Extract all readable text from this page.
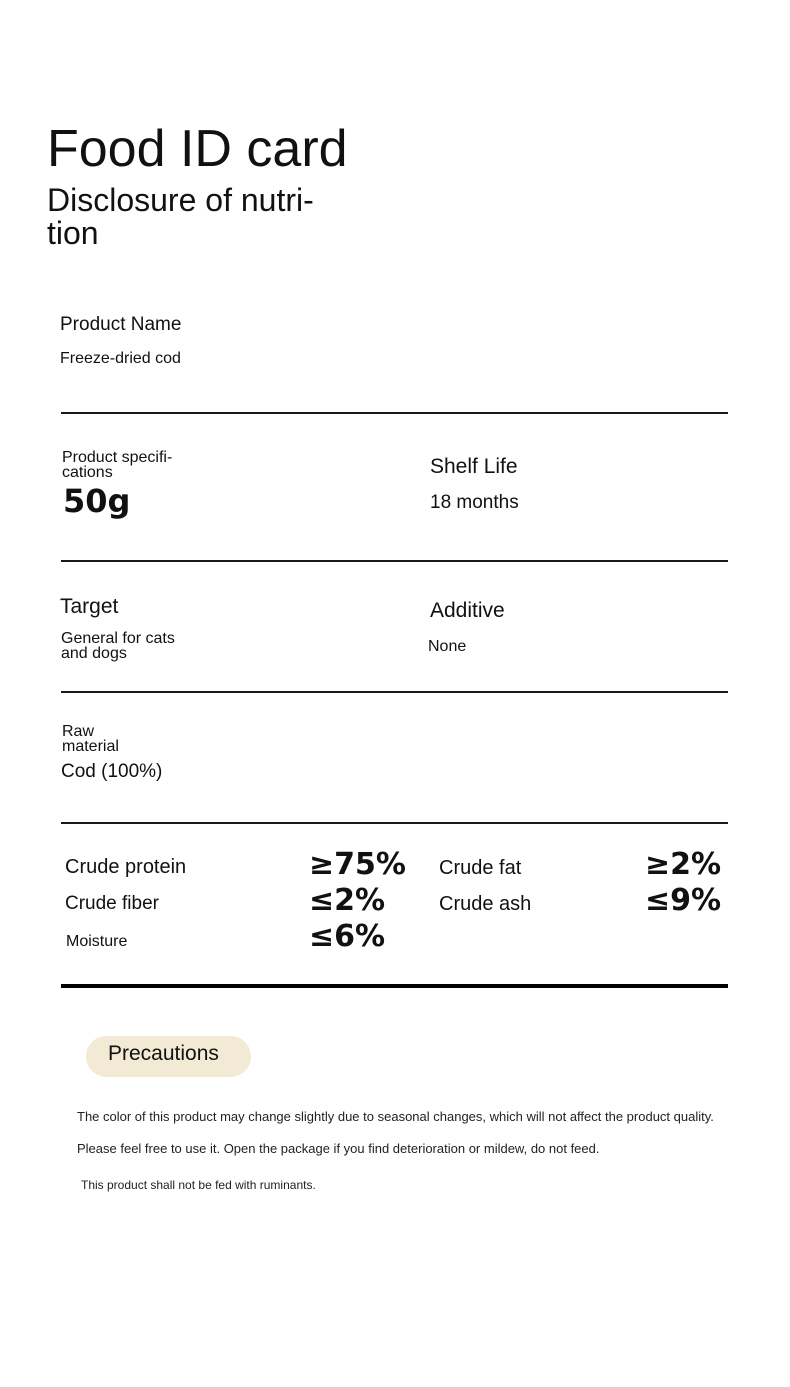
Food ID card
Disclosure of nutri-tion
Product Name
Freeze-dried cod
Product specifi-cations
50g
Shelf Life
18 months
Target
General for cats and dogs
Additive
None
Raw material
Cod (100%)
Crude protein	≥75% Crude fat	≥2%
Crude fiber	≤2%	Crude ash	≤9%
Moisture	≤6%
Precautions
The color of this product may change slightly due to seasonal changes, which will not affect the product quality. Please feel free to use it. Open the package if you find deterioration or mildew, do not feed.
This product shall not be fed with ruminants.
